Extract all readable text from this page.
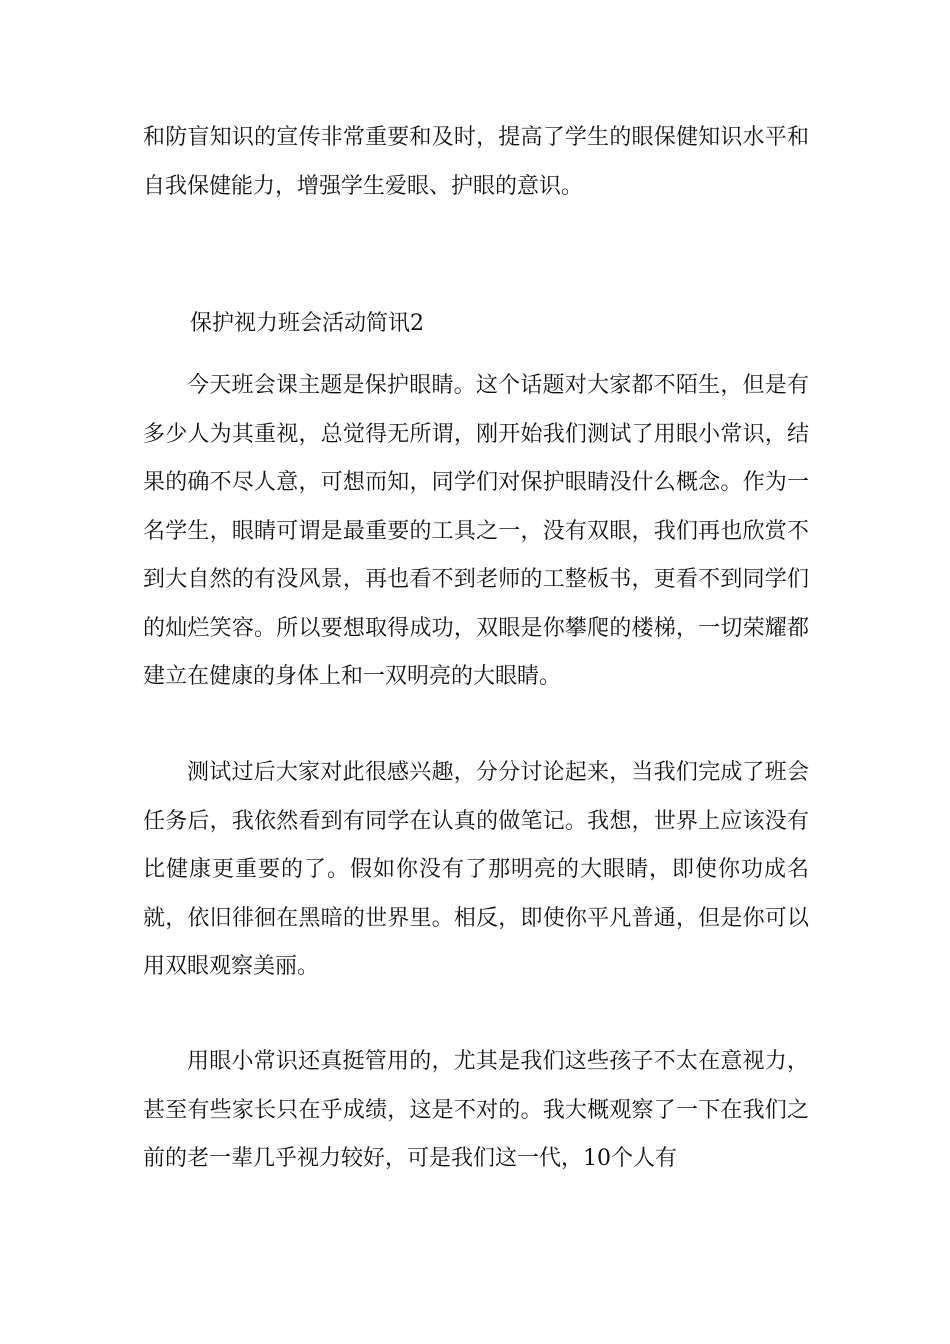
和防盲知识的宣传非常重要和及时，提高了学生的眼保健知识水平和自我保健能力，增强学生爱眼、护眼的意识。

保护视力班会活动简讯2

今天班会课主题是保护眼睛。这个话题对大家都不陌生，但是有多少人为其重视，总觉得无所谓，刚开始我们测试了用眼小常识，结果的确不尽人意，可想而知，同学们对保护眼睛没什么概念。作为一名学生，眼睛可谓是最重要的工具之一，没有双眼，我们再也欣赏不到大自然的有没风景，再也看不到老师的工整板书，更看不到同学们的灿烂笑容。所以要想取得成功，双眼是你攀爬的楼梯，一切荣耀都建立在健康的身体上和一双明亮的大眼睛。

测试过后大家对此很感兴趣，分分讨论起来，当我们完成了班会任务后，我依然看到有同学在认真的做笔记。我想，世界上应该没有比健康更重要的了。假如你没有了那明亮的大眼睛，即使你功成名就，依旧徘徊在黑暗的世界里。相反，即使你平凡普通，但是你可以用双眼观察美丽。

用眼小常识还真挺管用的，尤其是我们这些孩子不太在意视力，甚至有些家长只在乎成绩，这是不对的。我大概观察了一下在我们之前的老一辈几乎视力较好，可是我们这一代，10个人有
